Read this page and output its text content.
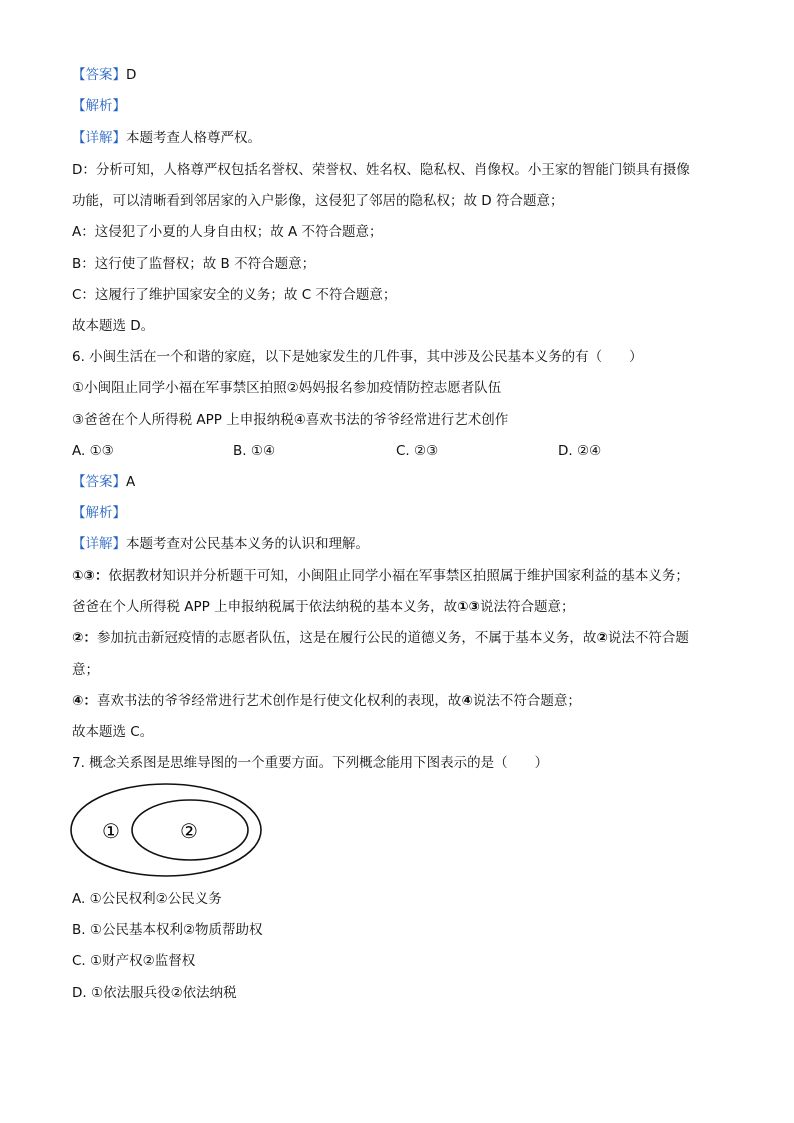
【答案】D
【解析】
【详解】本题考查人格尊严权。
D：分析可知，人格尊严权包括名誉权、荣誉权、姓名权、隐私权、肖像权。小王家的智能门锁具有摄像
功能，可以清晰看到邻居家的入户影像，这侵犯了邻居的隐私权；故 D 符合题意；
A：这侵犯了小夏的人身自由权；故 A 不符合题意；
B：这行使了监督权；故 B 不符合题意；
C：这履行了维护国家安全的义务；故 C 不符合题意；
故本题选 D。
6. 小闽生活在一个和谐的家庭，以下是她家发生的几件事，其中涉及公民基本义务的有（　　）
①小闽阻止同学小福在军事禁区拍照②妈妈报名参加疫情防控志愿者队伍
③爸爸在个人所得税 APP 上申报纳税④喜欢书法的爷爷经常进行艺术创作
A. ①③	B. ①④	C. ②③	D. ②④
【答案】A
【解析】
【详解】本题考查对公民基本义务的认识和理解。
①③：依据教材知识并分析题干可知，小闽阻止同学小福在军事禁区拍照属于维护国家利益的基本义务；
爸爸在个人所得税 APP 上申报纳税属于依法纳税的基本义务，故①③说法符合题意；
②：参加抗击新冠疫情的志愿者队伍，这是在履行公民的道德义务，不属于基本义务，故②说法不符合题
意；
④：喜欢书法的爷爷经常进行艺术创作是行使文化权利的表现，故④说法不符合题意；
故本题选 C。
7. 概念关系图是思维导图的一个重要方面。下列概念能用下图表示的是（　　）
①	②
A. ①公民权利②公民义务
B. ①公民基本权利②物质帮助权
C. ①财产权②监督权
D. ①依法服兵役②依法纳税
